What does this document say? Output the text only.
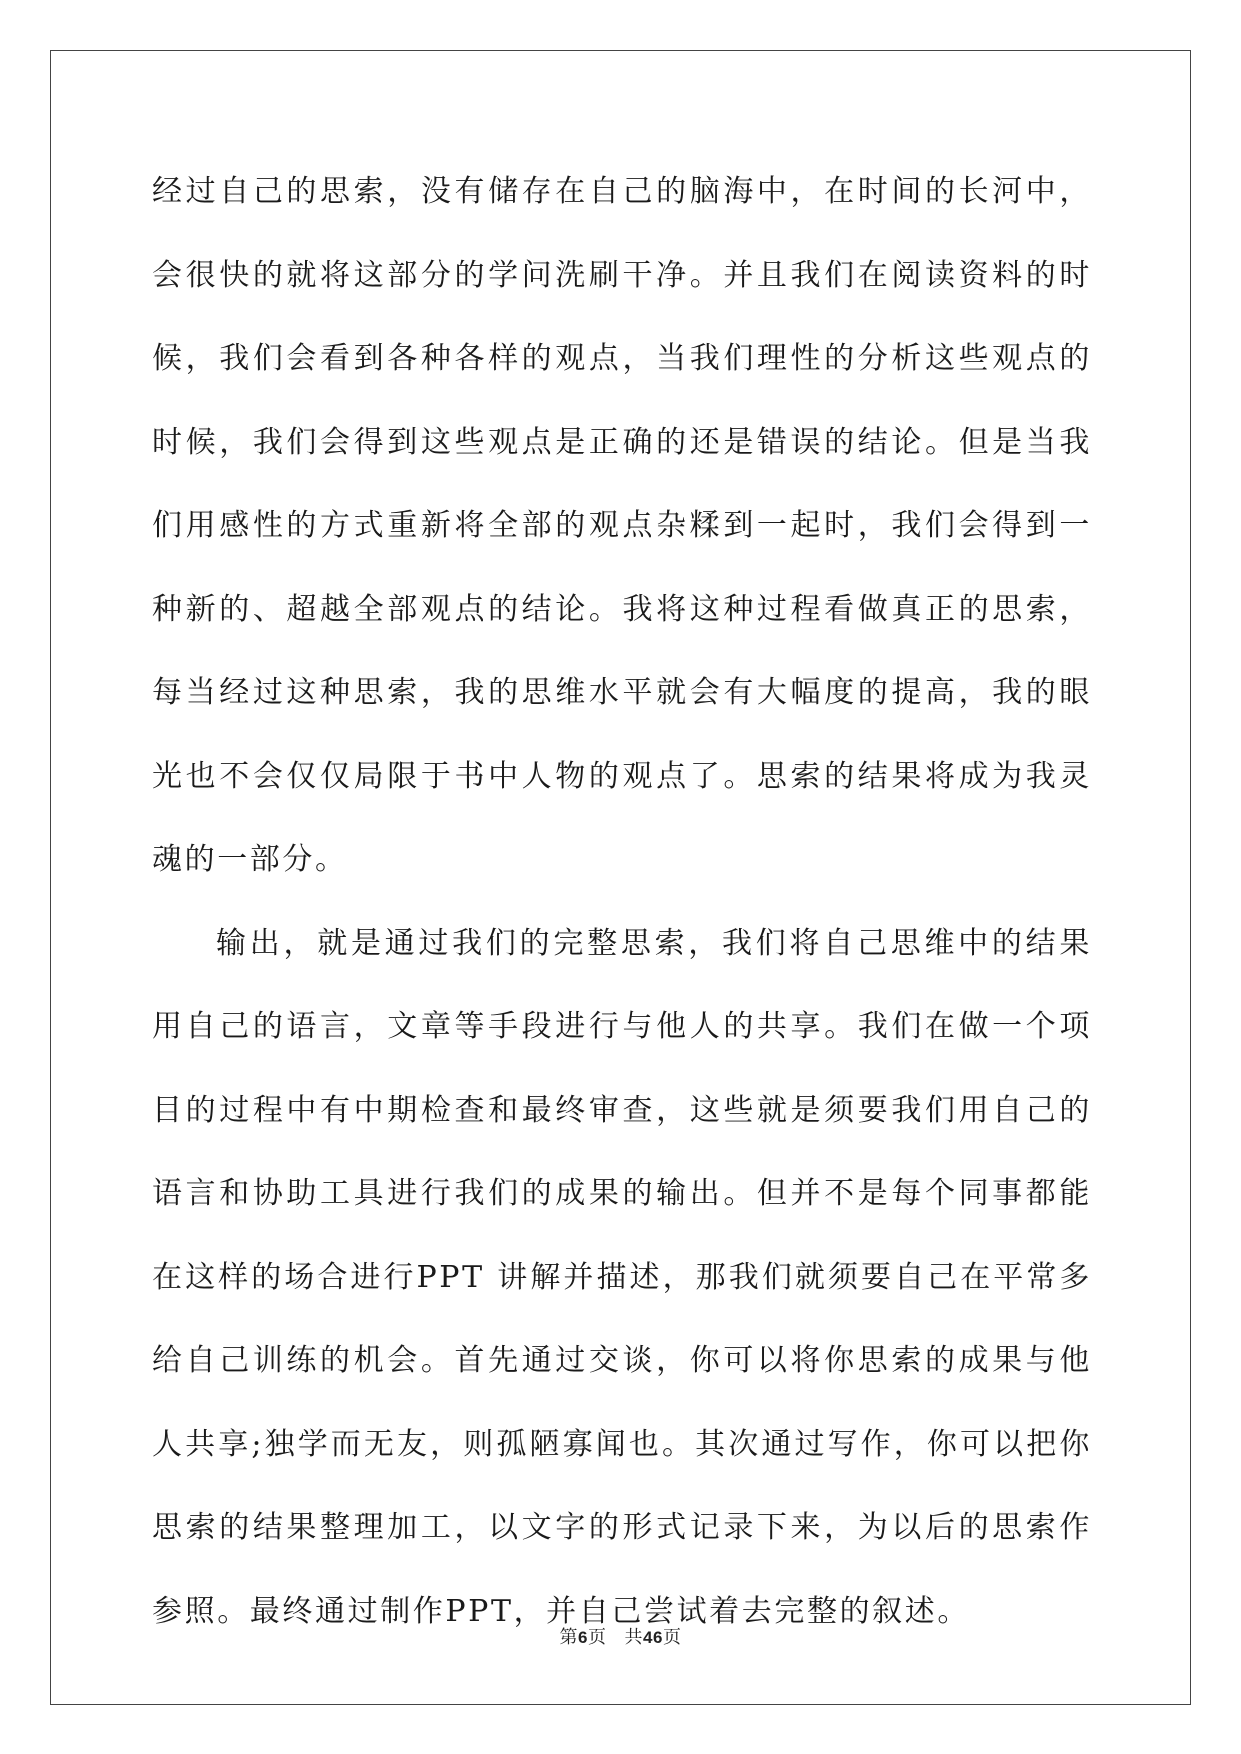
经过自己的思索，没有储存在自己的脑海中，在时间的长河中，会很快的就将这部分的学问洗刷干净。并且我们在阅读资料的时候，我们会看到各种各样的观点，当我们理性的分析这些观点的时候，我们会得到这些观点是正确的还是错误的结论。但是当我们用感性的方式重新将全部的观点杂糅到一起时，我们会得到一种新的、超越全部观点的结论。我将这种过程看做真正的思索，每当经过这种思索，我的思维水平就会有大幅度的提高，我的眼光也不会仅仅局限于书中人物的观点了。思索的结果将成为我灵魂的一部分。

输出，就是通过我们的完整思索，我们将自己思维中的结果用自己的语言，文章等手段进行与他人的共享。我们在做一个项目的过程中有中期检查和最终审查，这些就是须要我们用自己的语言和协助工具进行我们的成果的输出。但并不是每个同事都能在这样的场合进行PPT 讲解并描述，那我们就须要自己在平常多给自己训练的机会。首先通过交谈，你可以将你思索的成果与他人共享;独学而无友，则孤陋寡闻也。其次通过写作，你可以把你思索的结果整理加工，以文字的形式记录下来，为以后的思索作参照。最终通过制作PPT，并自己尝试着去完整的叙述。

第6页 共46页
